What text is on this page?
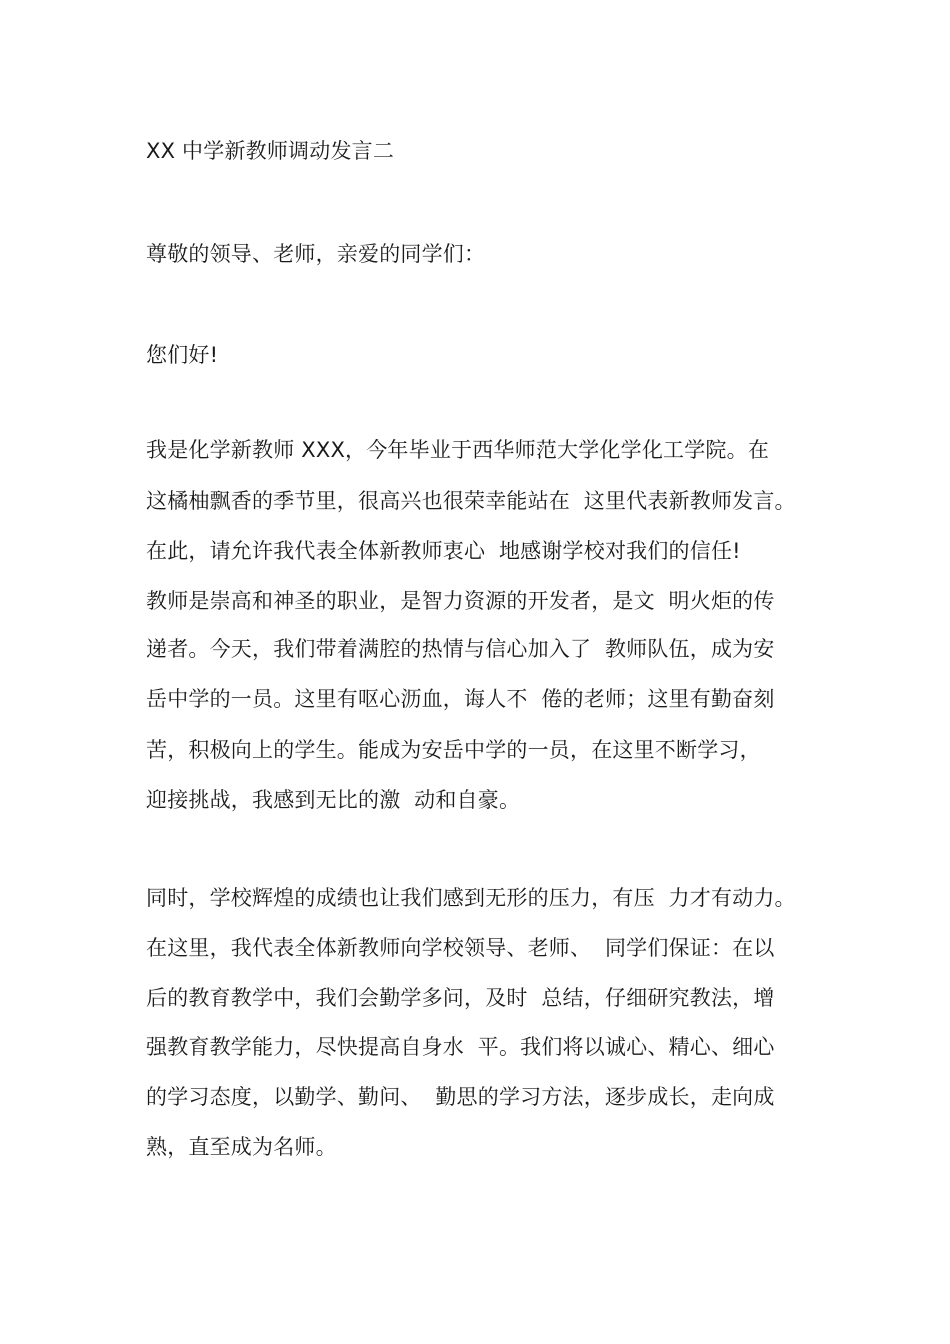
XX 中学新教师调动发言二
尊敬的领导、老师，亲爱的同学们：
您们好!
我是化学新教师 XXX，今年毕业于西华师范大学化学化工学院。在
这橘柚飘香的季节里，很高兴也很荣幸能站在  这里代表新教师发言。
在此，请允许我代表全体新教师衷心  地感谢学校对我们的信任!
教师是崇高和神圣的职业，是智力资源的开发者，是文  明火炬的传
递者。今天，我们带着满腔的热情与信心加入了  教师队伍，成为安
岳中学的一员。这里有呕心沥血，诲人不  倦的老师；这里有勤奋刻
苦，积极向上的学生。能成为安岳中学的一员，在这里不断学习，
迎接挑战，我感到无比的激  动和自豪。
同时，学校辉煌的成绩也让我们感到无形的压力，有压  力才有动力。
在这里，我代表全体新教师向学校领导、老师、  同学们保证：在以
后的教育教学中，我们会勤学多问，及时  总结，仔细研究教法，增
强教育教学能力，尽快提高自身水  平。我们将以诚心、精心、细心
的学习态度，以勤学、勤问、  勤思的学习方法，逐步成长，走向成
熟，直至成为名师。
